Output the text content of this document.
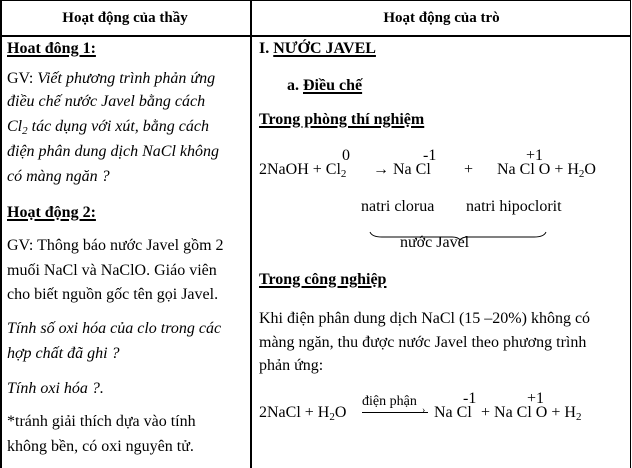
Hoạt động của thầy	Hoạt động của trò
Hoat đông 1:
GV: Viết phương trình phản ứng
điều chế nước Javel bằng cách
$Cl_2$ tác dụng với xút, bằng cách
điện phân dung dịch NaCl không
có màng ngăn ?
Hoạt động 2:
GV: Thông báo nước Javel gồm 2
muối NaCl và NaClO. Giáo viên
cho biết nguồn gốc tên gọi Javel.
Tính số oxi hóa của clo trong các
hợp chất đã ghi ?
Tính oxi hóa ?.
*tránh giải thích dựa vào tính
không bền, có oxi nguyên tử.
I. NƯỚC JAVEL
a. Điều chế
Trong phòng thí nghiệm
2NaOH + $Cl_2$
0
→ Na Cl
-1
+ Na Cl $O + H_2O$
+1
natri clorua natri hipoclorit
nước Javel
Trong công nghiệp
Khi điện phân dung dịch NaCl (15 –20%) không có
màng ngăn, thu được nước Javel theo phương trình
phản ứng:
2NaCl + $H_2O$
điện phận
› Na Cl
-1
+ Na Cl $O + H_2$
+1
